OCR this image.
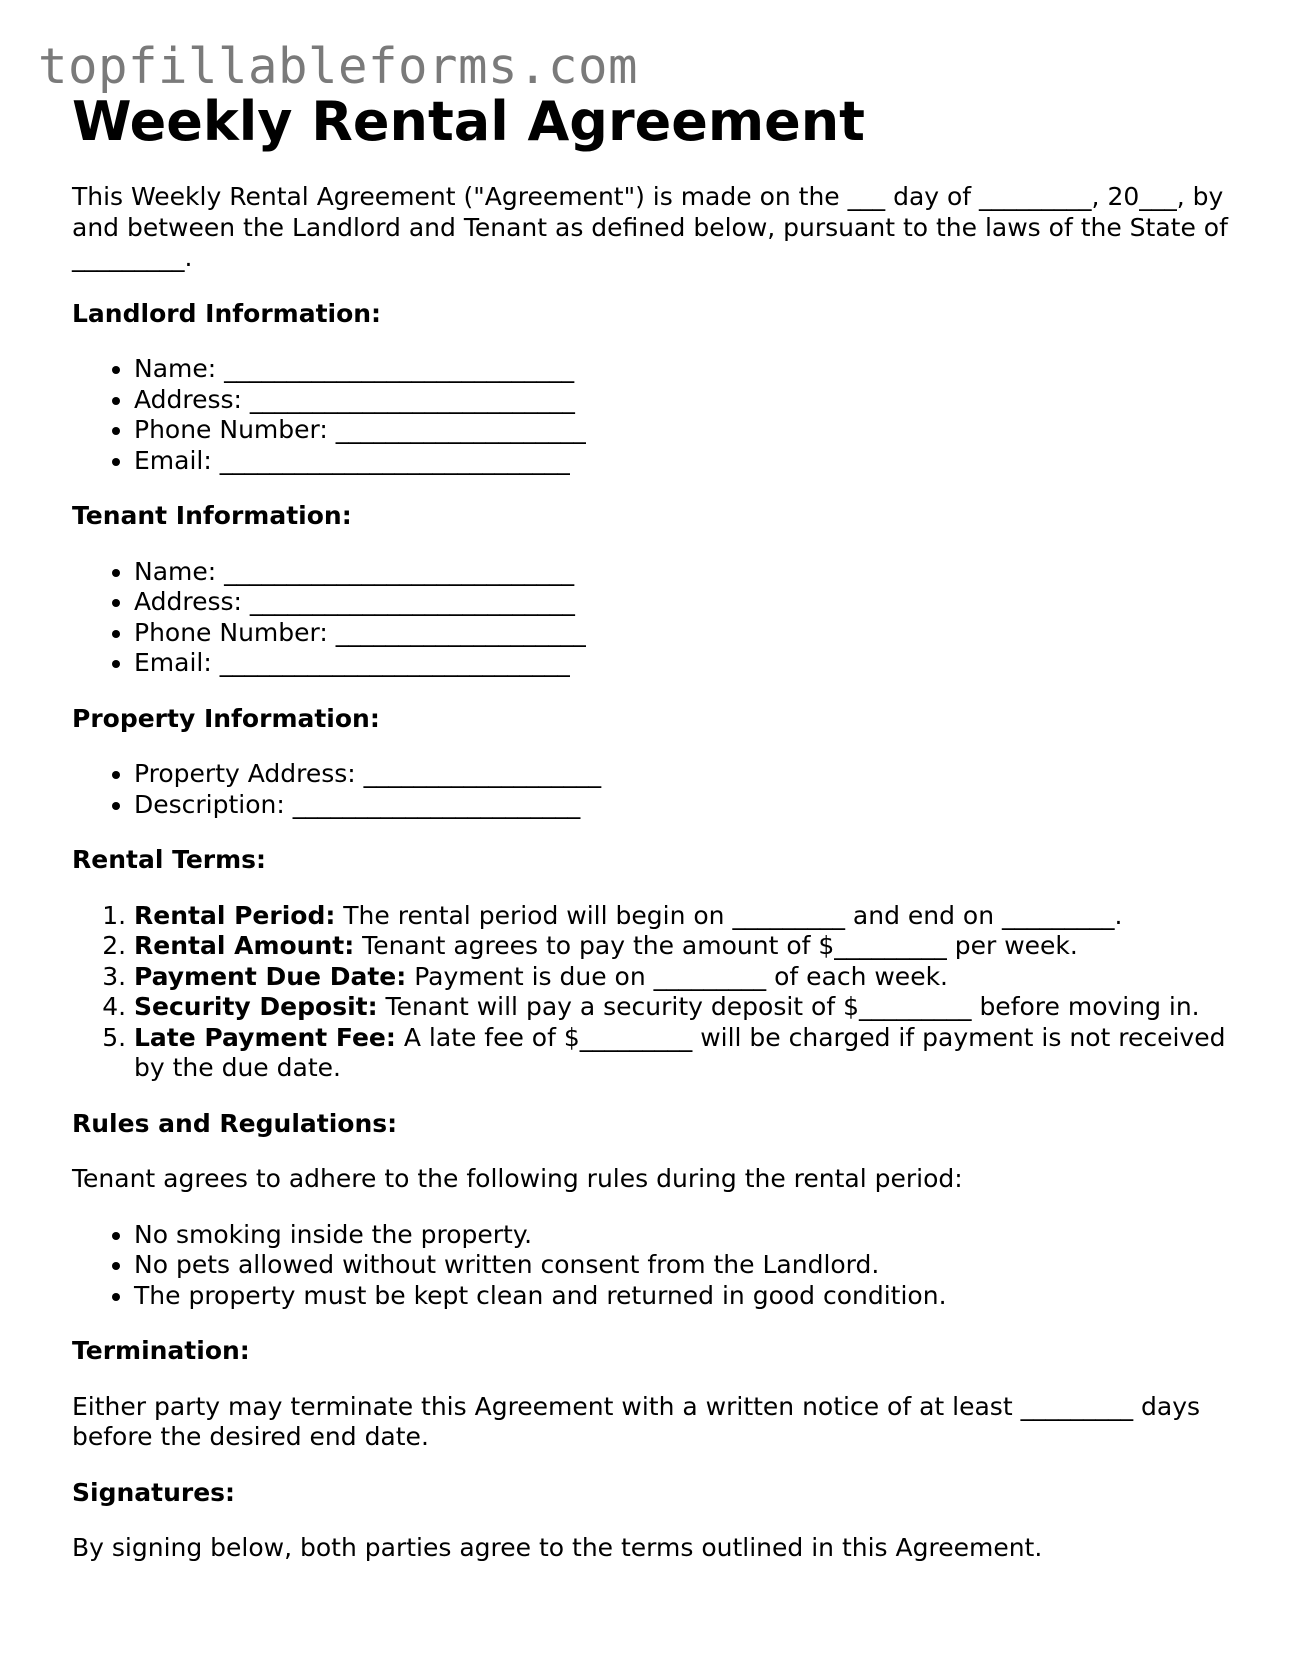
topfillableforms.com
Weekly Rental Agreement

This Weekly Rental Agreement ("Agreement") is made on the ___ day of _________, 20___, by and between the Landlord and Tenant as defined below, pursuant to the laws of the State of _________.

Landlord Information:
• Name: ____________________________
• Address: __________________________
• Phone Number: ____________________
• Email: ____________________________
Tenant Information:
• Name: ____________________________
• Address: __________________________
• Phone Number: ____________________
• Email: ____________________________
Property Information:
• Property Address: ___________________
• Description: _______________________
Rental Terms:
1. Rental Period: The rental period will begin on _________ and end on _________.
2. Rental Amount: Tenant agrees to pay the amount of $_________ per week.
3. Payment Due Date: Payment is due on _________ of each week.
4. Security Deposit: Tenant will pay a security deposit of $_________ before moving in.
5. Late Payment Fee: A late fee of $_________ will be charged if payment is not received by the due date.
Rules and Regulations:

Tenant agrees to adhere to the following rules during the rental period:

• No smoking inside the property.
• No pets allowed without written consent from the Landlord.
• The property must be kept clean and returned in good condition.
Termination:

Either party may terminate this Agreement with a written notice of at least _________ days before the desired end date.

Signatures:

By signing below, both parties agree to the terms outlined in this Agreement.
